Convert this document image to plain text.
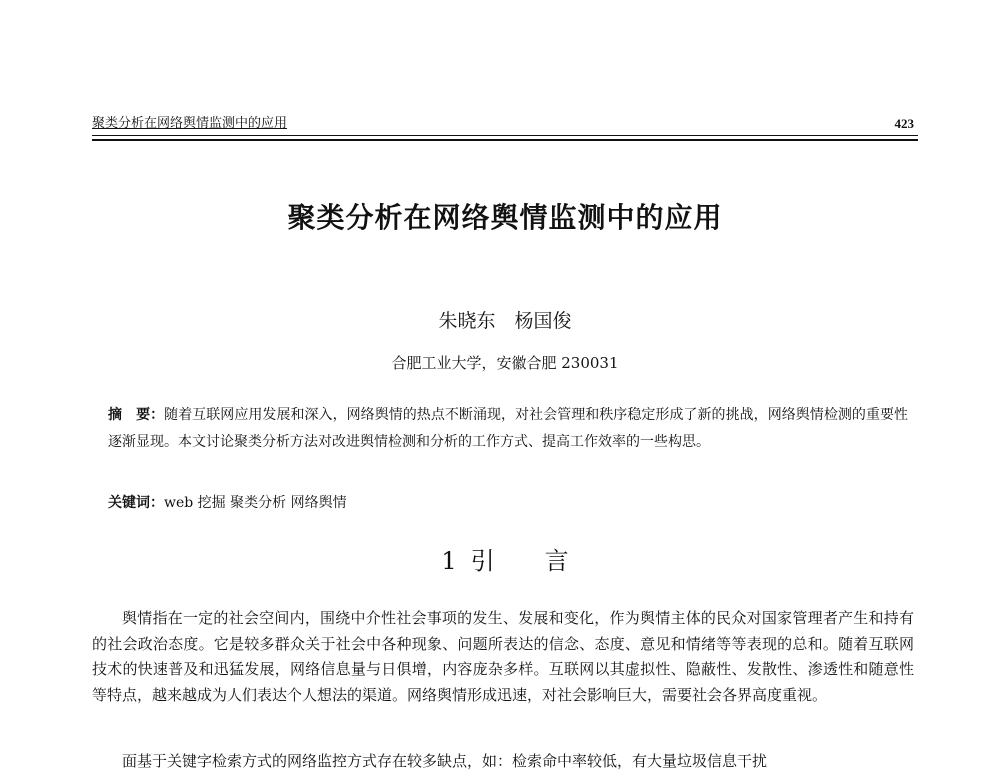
聚类分析在网络舆情监测中的应用	423
聚类分析在网络舆情监测中的应用
朱晓东　杨国俊
合肥工业大学，安徽合肥 230031
摘　要：随着互联网应用发展和深入，网络舆情的热点不断涌现，对社会管理和秩序稳定形成了新的挑战，网络舆情检测的重要性逐渐显现。本文讨论聚类分析方法对改进舆情检测和分析的工作方式、提高工作效率的一些构思。
关键词：web 挖掘 聚类分析 网络舆情
1 引 言
舆情指在一定的社会空间内，围绕中介性社会事项的发生、发展和变化，作为舆情主体的民众对国家管理者产生和持有的社会政治态度。它是较多群众关于社会中各种现象、问题所表达的信念、态度、意见和情绪等等表现的总和。随着互联网技术的快速普及和迅猛发展，网络信息量与日俱增，内容庞杂多样。互联网以其虚拟性、隐蔽性、发散性、渗透性和随意性等特点，越来越成为人们表达个人想法的渠道。网络舆情形成迅速，对社会影响巨大，需要社会各界高度重视。
面基于关键字检索方式的网络监控方式存在较多缺点，如：检索命中率较低，有大量垃圾信息干扰
